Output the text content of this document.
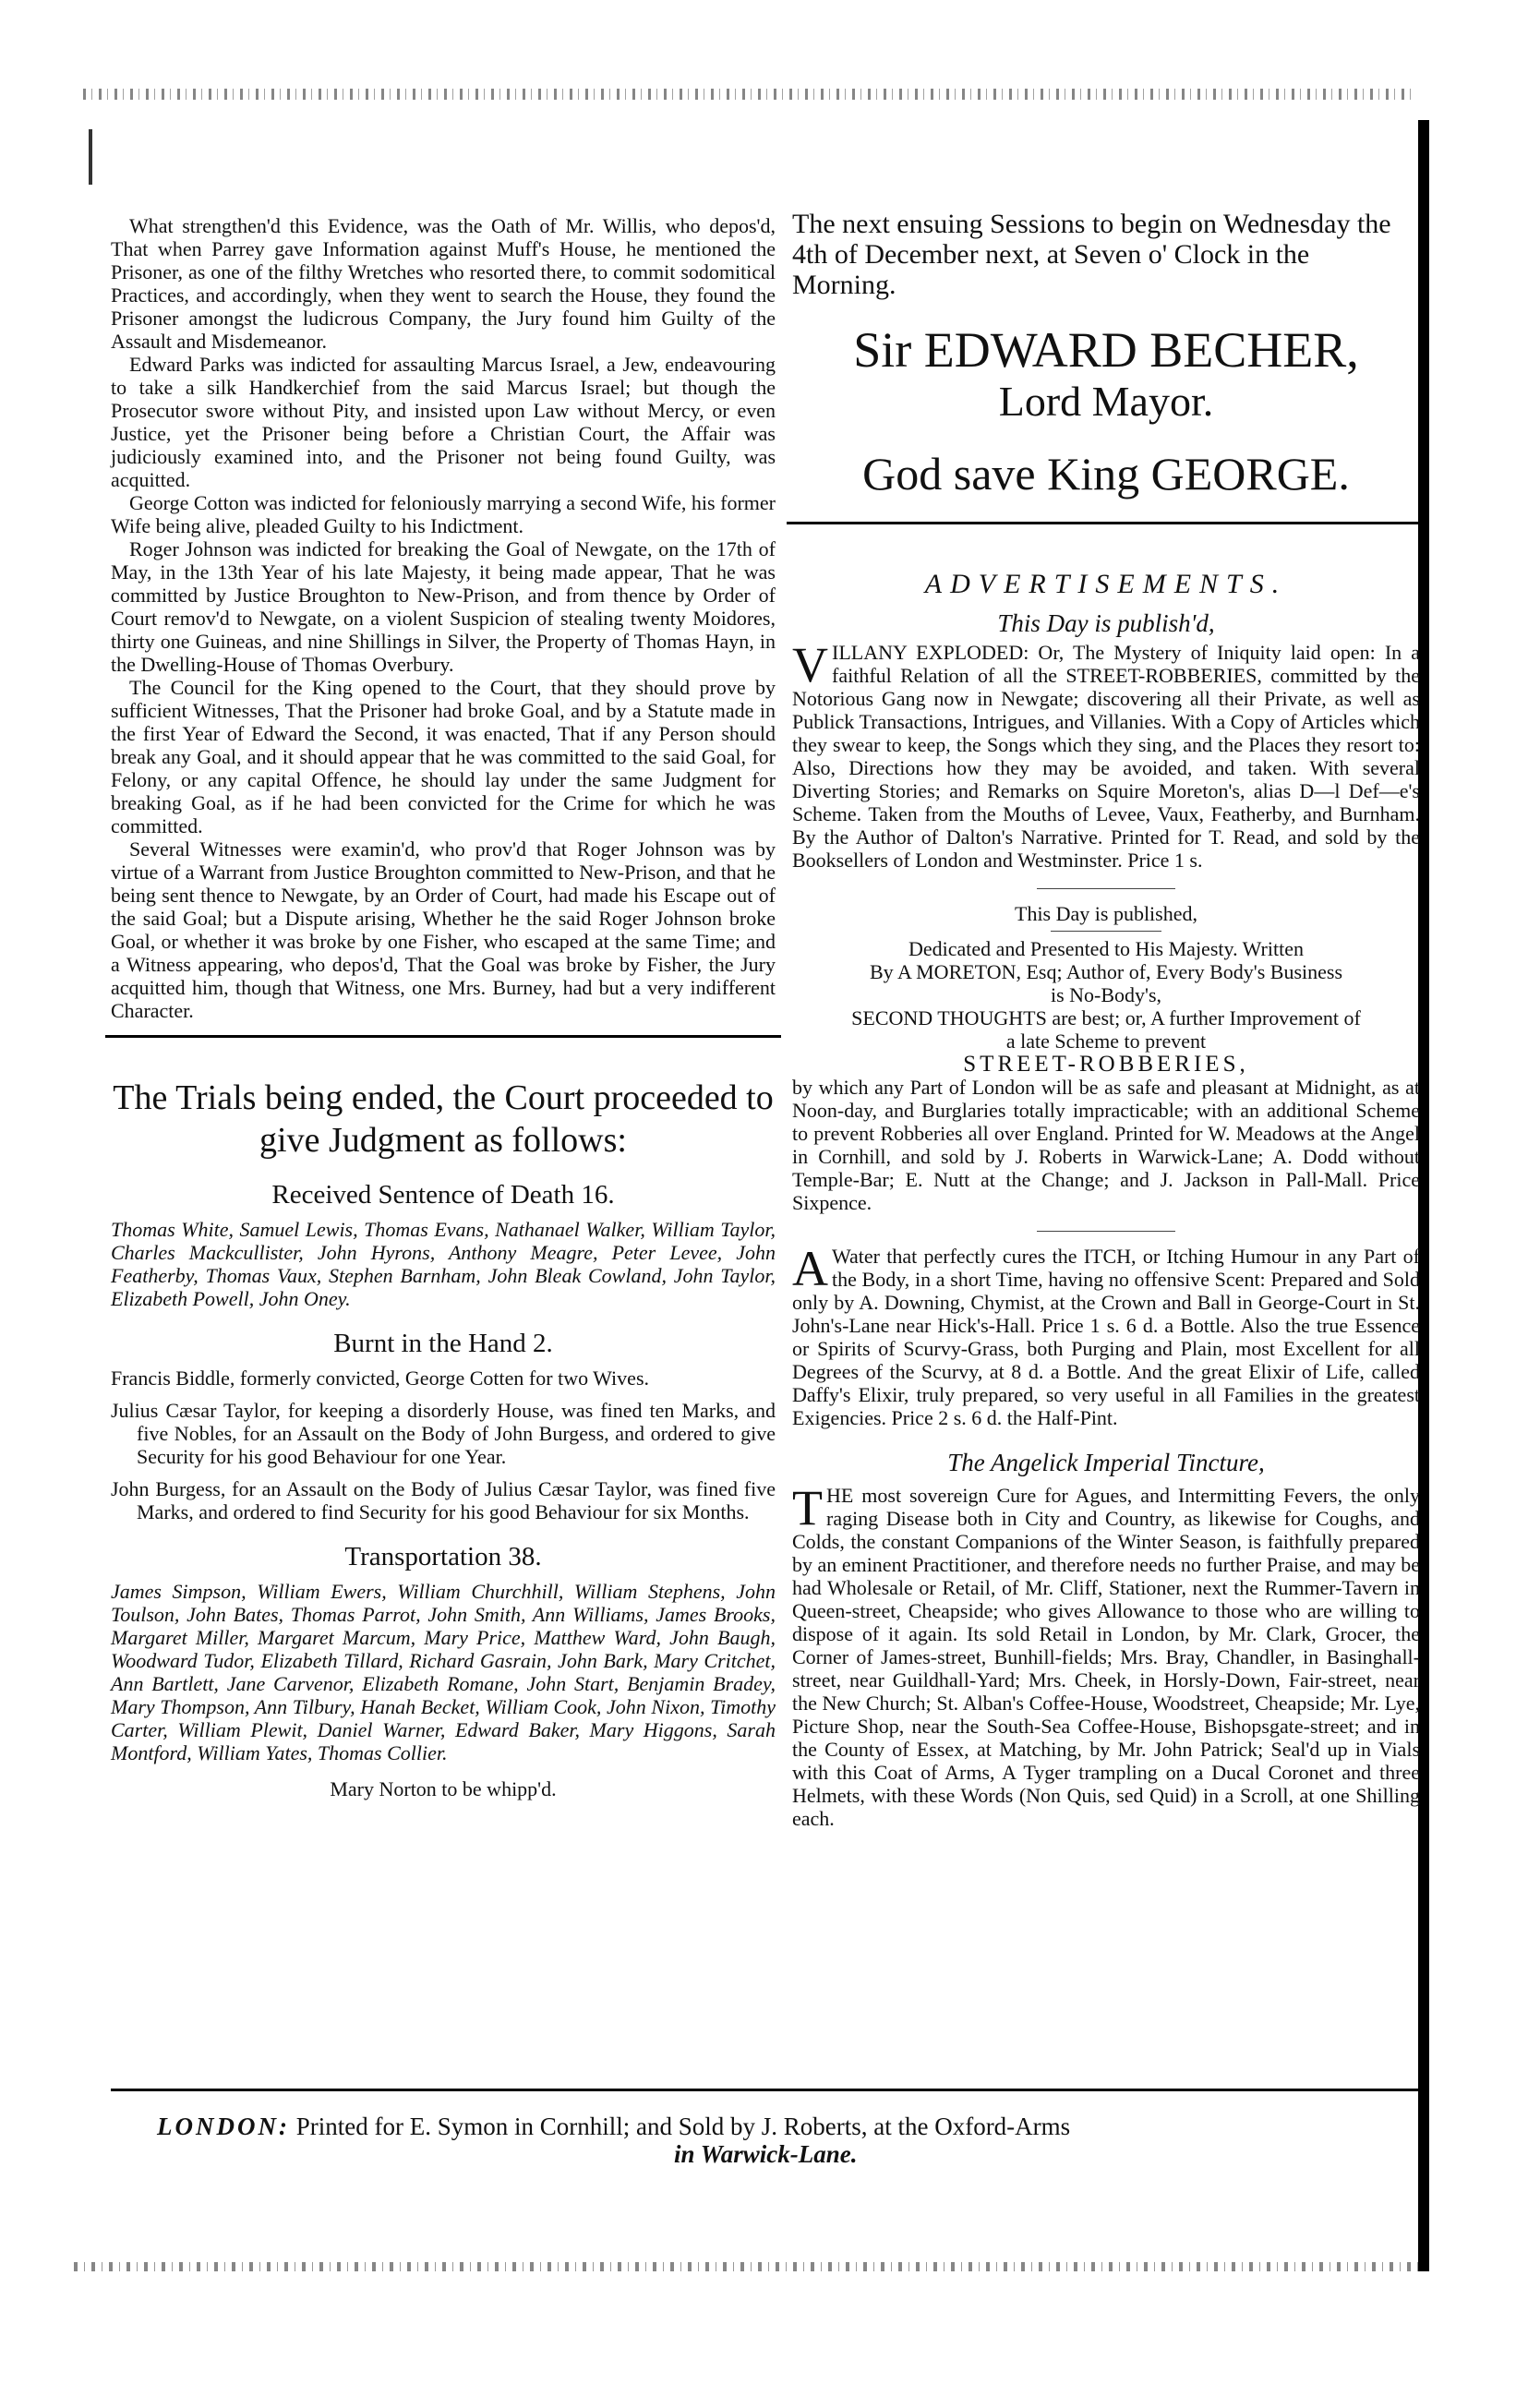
What strengthen'd this Evidence, was the Oath of Mr. Willis, who depos'd, That when Parrey gave Information against Muff's House, he mentioned the Prisoner, as one of the filthy Wretches who resorted there, to commit sodomitical Practices, and accordingly, when they went to search the House, they found the Prisoner amongst the ludicrous Company, the Jury found him Guilty of the Assault and Misdemeanor.

Edward Parks was indicted for assaulting Marcus Israel, a Jew, endeavouring to take a silk Handkerchief from the said Marcus Israel; but though the Prosecutor swore without Pity, and insisted upon Law without Mercy, or even Justice, yet the Prisoner being before a Christian Court, the Affair was judiciously examined into, and the Prisoner not being found Guilty, was acquitted.

George Cotton was indicted for feloniously marrying a second Wife, his former Wife being alive, pleaded Guilty to his Indictment.

Roger Johnson was indicted for breaking the Goal of Newgate, on the 17th of May, in the 13th Year of his late Majesty, it being made appear, That he was committed by Justice Broughton to New-Prison, and from thence by Order of Court remov'd to Newgate, on a violent Suspicion of stealing twenty Moidores, thirty one Guineas, and nine Shillings in Silver, the Property of Thomas Hayn, in the Dwelling-House of Thomas Overbury.

The Council for the King opened to the Court, that they should prove by sufficient Witnesses, That the Prisoner had broke Goal, and by a Statute made in the first Year of Edward the Second, it was enacted, That if any Person should break any Goal, and it should appear that he was committed to the said Goal, for Felony, or any capital Offence, he should lay under the same Judgment for breaking Goal, as if he had been convicted for the Crime for which he was committed.

Several Witnesses were examin'd, who prov'd that Roger Johnson was by virtue of a Warrant from Justice Broughton committed to New-Prison, and that he being sent thence to Newgate, by an Order of Court, had made his Escape out of the said Goal; but a Dispute arising, Whether he the said Roger Johnson broke Goal, or whether it was broke by one Fisher, who escaped at the same Time; and a Witness appearing, who depos'd, That the Goal was broke by Fisher, the Jury acquitted him, though that Witness, one Mrs. Burney, had but a very indifferent Character.

The Trials being ended, the Court proceeded to give Judgment as follows:
Received Sentence of Death 16.

Thomas White, Samuel Lewis, Thomas Evans, Nathanael Walker, William Taylor, Charles Mackcullister, John Hyrons, Anthony Meagre, Peter Levee, John Featherby, Thomas Vaux, Stephen Barnham, John Bleak Cowland, John Taylor, Elizabeth Powell, John Oney.

Burnt in the Hand 2.

Francis Biddle, formerly convicted, George Cotten for two Wives.

Julius Cæsar Taylor, for keeping a disorderly House, was fined ten Marks, and five Nobles, for an Assault on the Body of John Burgess, and ordered to give Security for his good Behaviour for one Year.

John Burgess, for an Assault on the Body of Julius Cæsar Taylor, was fined five Marks, and ordered to find Security for his good Behaviour for six Months.

Transportation 38.

James Simpson, William Ewers, William Churchhill, William Stephens, John Toulson, John Bates, Thomas Parrot, John Smith, Ann Williams, James Brooks, Margaret Miller, Margaret Marcum, Mary Price, Matthew Ward, John Baugh, Woodward Tudor, Elizabeth Tillard, Richard Gasrain, John Bark, Mary Critchet, Ann Bartlett, Jane Carvenor, Elizabeth Romane, John Start, Benjamin Bradey, Mary Thompson, Ann Tilbury, Hanah Becket, William Cook, John Nixon, Timothy Carter, William Plewit, Daniel Warner, Edward Baker, Mary Higgons, Sarah Montford, William Yates, Thomas Collier.

Mary Norton to be whipp'd.

The next ensuing Sessions to begin on Wednesday the 4th of December next, at Seven o' Clock in the Morning.

Sir EDWARD BECHER,
Lord Mayor.
God save King GEORGE.
ADVERTISEMENTS.
This Day is publish'd,

VILLANY EXPLODED: Or, The Mystery of Iniquity laid open: In a faithful Relation of all the STREET-ROBBERIES, committed by the Notorious Gang now in Newgate; discovering all their Private, as well as Publick Transactions, Intrigues, and Villanies. With a Copy of Articles which they swear to keep, the Songs which they sing, and the Places they resort to: Also, Directions how they may be avoided, and taken. With several Diverting Stories; and Remarks on Squire Moreton's, alias D—l Def—e's Scheme. Taken from the Mouths of Levee, Vaux, Featherby, and Burnham. By the Author of Dalton's Narrative. Printed for T. Read, and sold by the Booksellers of London and Westminster. Price 1 s.

This Day is published,
Dedicated and Presented to His Majesty. Written
By A MORETON, Esq; Author of, Every Body's Business
is No-Body's,
SECOND THOUGHTS are best; or, A further Improvement of
a late Scheme to prevent
STREET-ROBBERIES,

by which any Part of London will be as safe and pleasant at Midnight, as at Noon-day, and Burglaries totally impracticable; with an additional Scheme to prevent Robberies all over England. Printed for W. Meadows at the Angel in Cornhill, and sold by J. Roberts in Warwick-Lane; A. Dodd without Temple-Bar; E. Nutt at the Change; and J. Jackson in Pall-Mall. Price Sixpence.

A Water that perfectly cures the ITCH, or Itching Humour in any Part of the Body, in a short Time, having no offensive Scent: Prepared and Sold only by A. Downing, Chymist, at the Crown and Ball in George-Court in St. John's-Lane near Hick's-Hall. Price 1 s. 6 d. a Bottle. Also the true Essence or Spirits of Scurvy-Grass, both Purging and Plain, most Excellent for all Degrees of the Scurvy, at 8 d. a Bottle. And the great Elixir of Life, called Daffy's Elixir, truly prepared, so very useful in all Families in the greatest Exigencies. Price 2 s. 6 d. the Half-Pint.

The Angelick Imperial Tincture,

THE most sovereign Cure for Agues, and Intermitting Fevers, the only raging Disease both in City and Country, as likewise for Coughs, and Colds, the constant Companions of the Winter Season, is faithfully prepared by an eminent Practitioner, and therefore needs no further Praise, and may be had Wholesale or Retail, of Mr. Cliff, Stationer, next the Rummer-Tavern in Queen-street, Cheapside; who gives Allowance to those who are willing to dispose of it again. Its sold Retail in London, by Mr. Clark, Grocer, the Corner of James-street, Bunhill-fields; Mrs. Bray, Chandler, in Basinghall-street, near Guildhall-Yard; Mrs. Cheek, in Horsly-Down, Fair-street, near the New Church; St. Alban's Coffee-House, Woodstreet, Cheapside; Mr. Lye, Picture Shop, near the South-Sea Coffee-House, Bishopsgate-street; and in the County of Essex, at Matching, by Mr. John Patrick; Seal'd up in Vials with this Coat of Arms, A Tyger trampling on a Ducal Coronet and three Helmets, with these Words (Non Quis, sed Quid) in a Scroll, at one Shilling each.

LONDON: Printed for E. Symon in Cornhill; and Sold by J. Roberts, at the Oxford-Arms
in Warwick-Lane.
